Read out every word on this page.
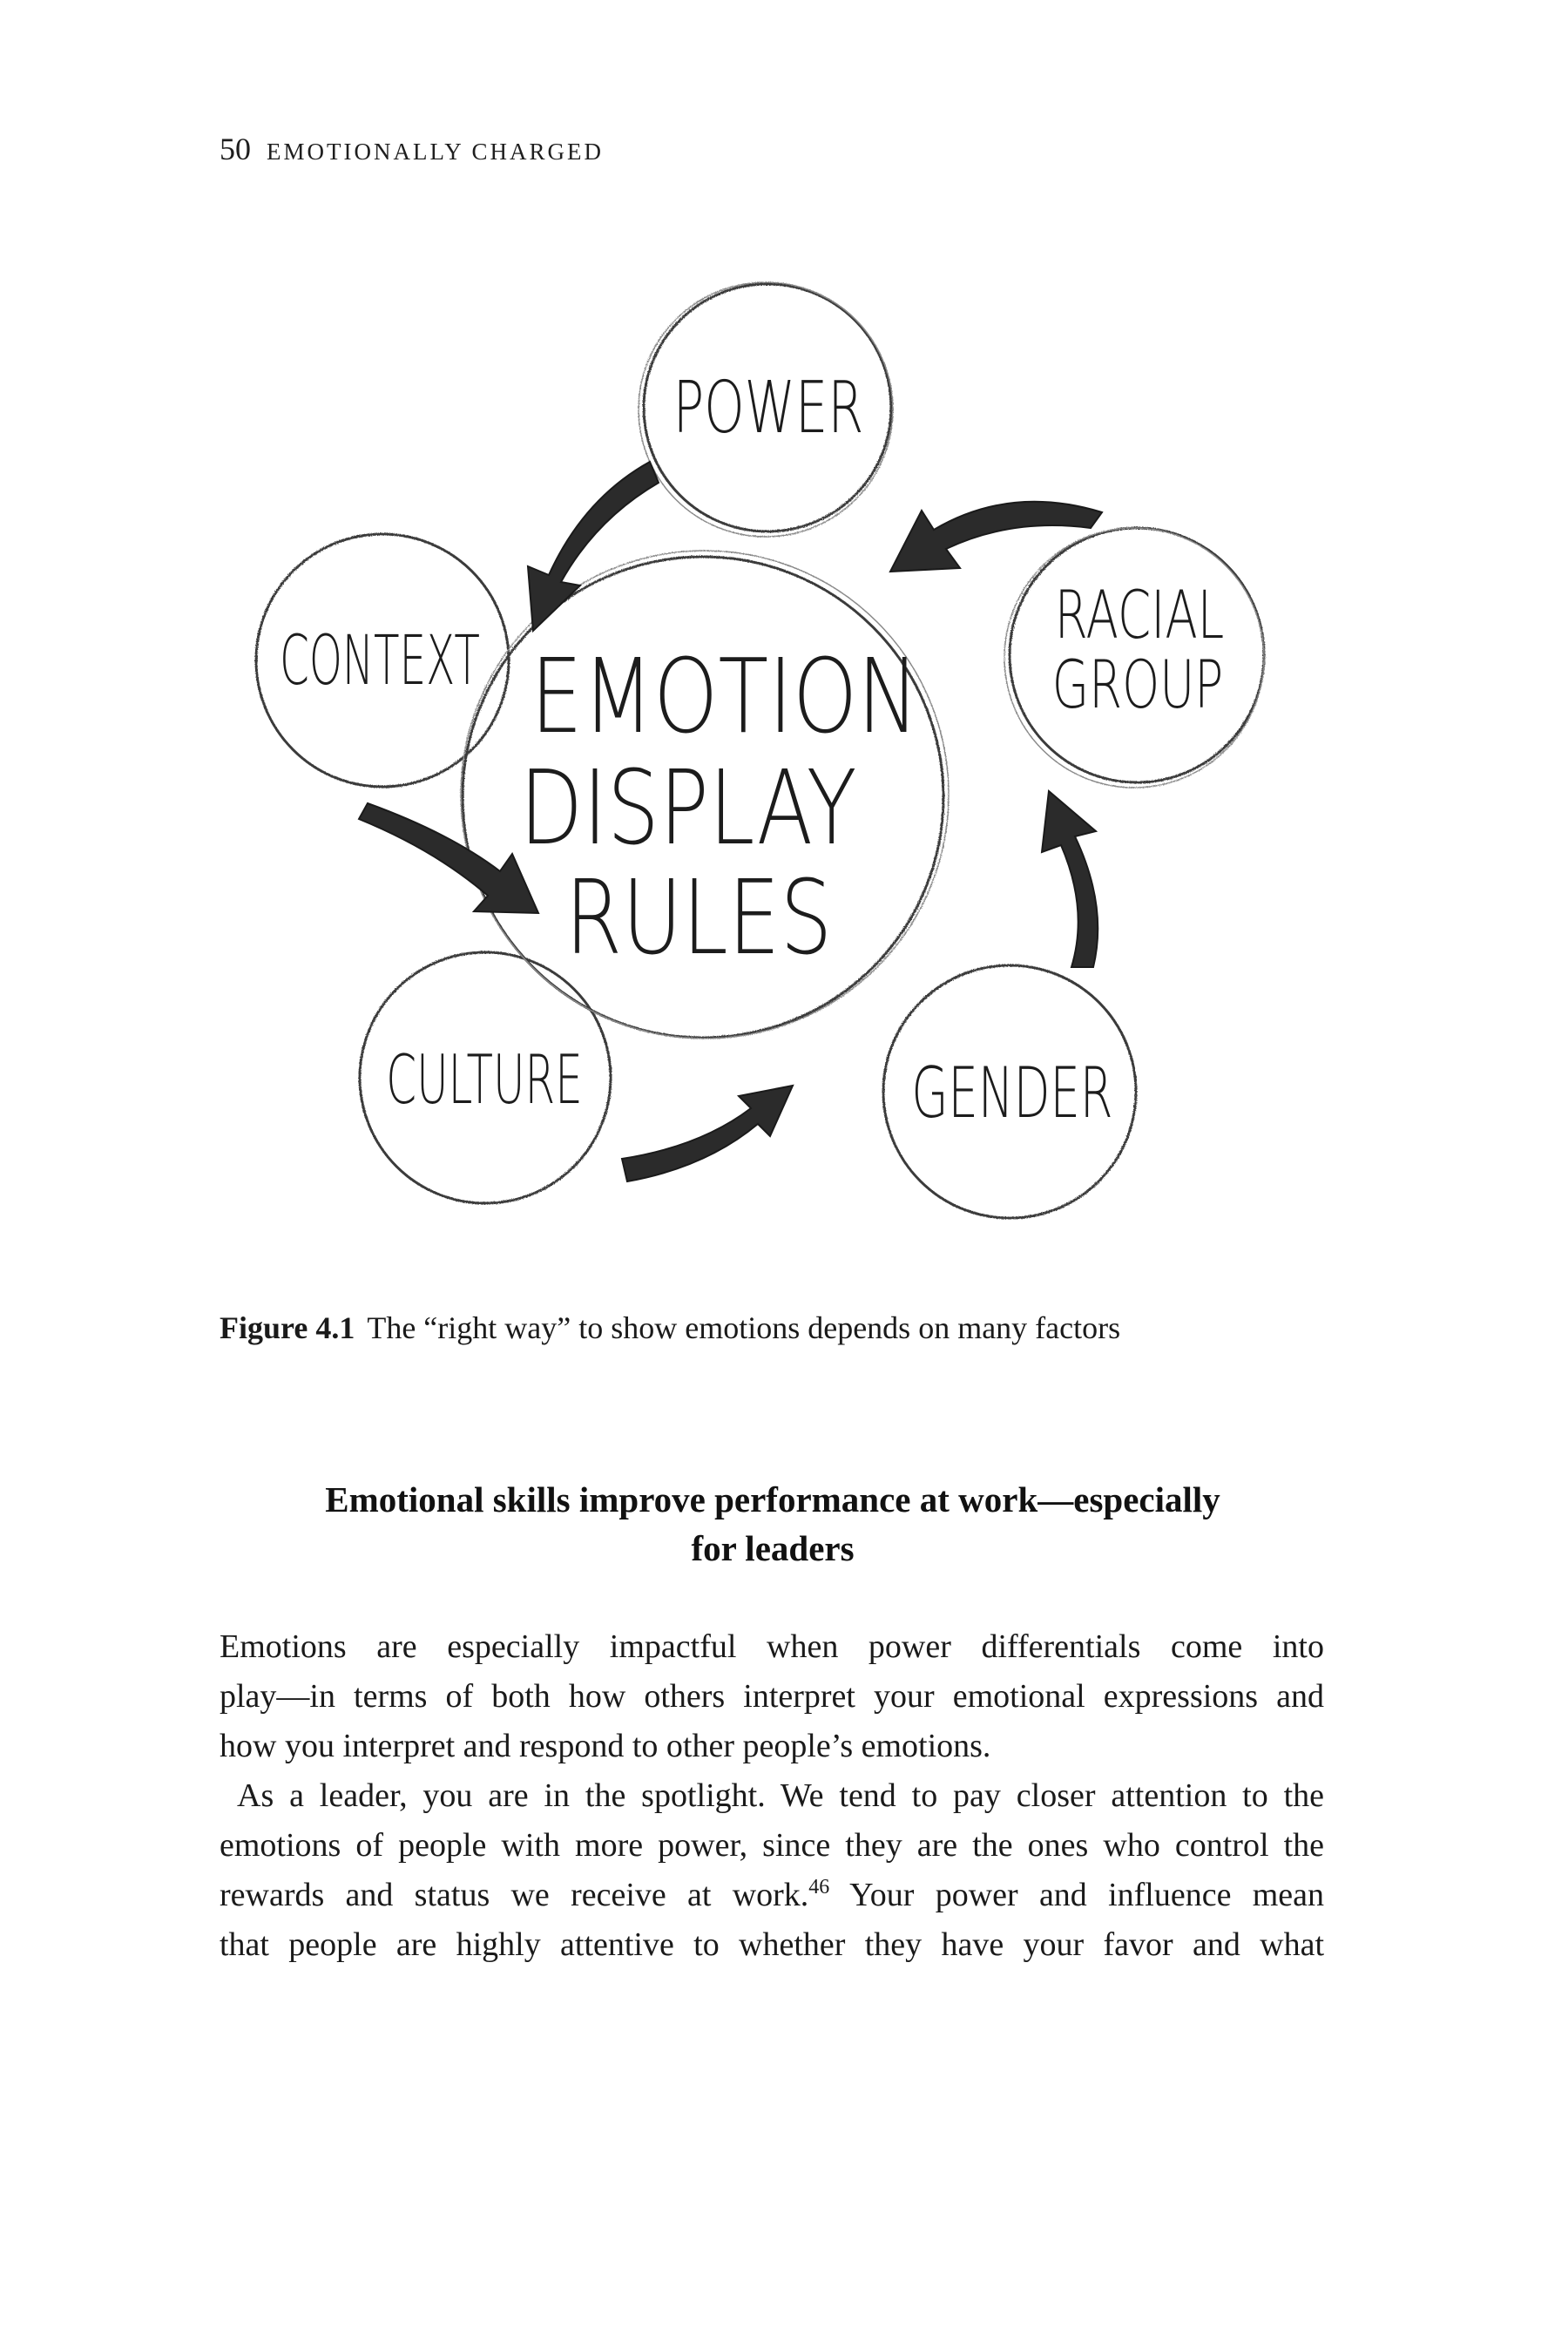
50 EMOTIONALLY CHARGED
EMOTION
DISPLAY
RULES
POWER
CONTEXT
RACIAL
GROUP
CULTURE	GENDER
Figure 4.1 The “right way” to show emotions depends on many factors
Emotional skills improve performance at work—especially
for leaders
Emotions are especially impactful when power differentials come into
play—in terms of both how others interpret your emotional expressions and
how you interpret and respond to other people’s emotions.
As a leader, you are in the spotlight. We tend to pay closer attention to the
emotions of people with more power, since they are the ones who control the
rewards and status we receive at work.$^{46}$ Your power and influence mean
that people are highly attentive to whether they have your favor and what
